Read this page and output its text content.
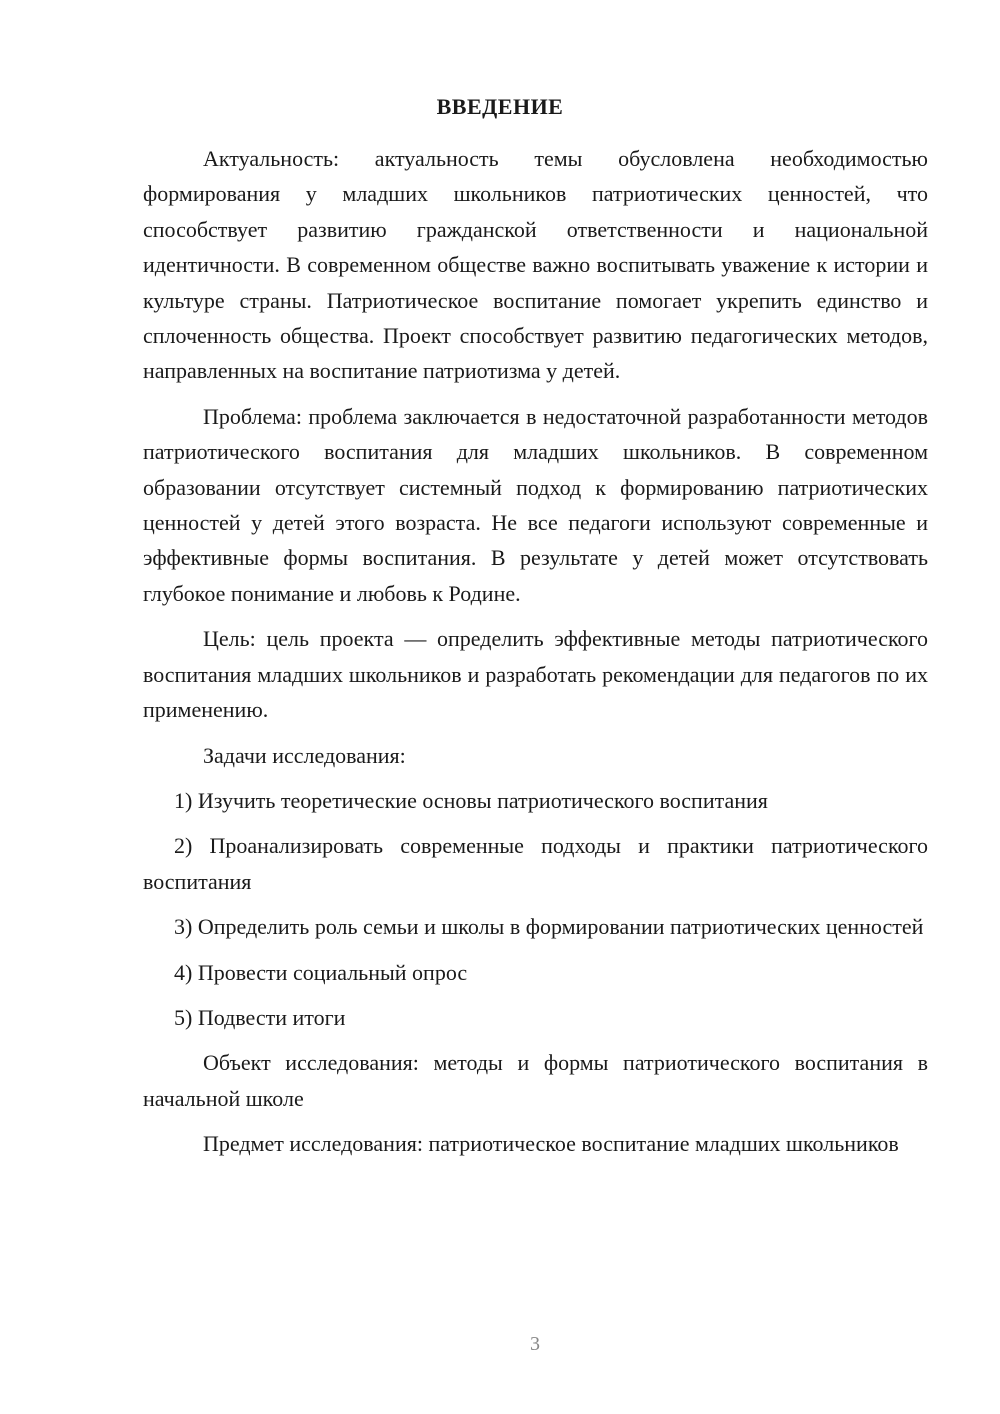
ВВЕДЕНИЕ

Актуальность: актуальность темы обусловлена необходимостью формирования у младших школьников патриотических ценностей, что способствует развитию гражданской ответственности и национальной идентичности. В современном обществе важно воспитывать уважение к истории и культуре страны. Патриотическое воспитание помогает укрепить единство и сплоченность общества. Проект способствует развитию педагогических методов, направленных на воспитание патриотизма у детей.

Проблема: проблема заключается в недостаточной разработанности методов патриотического воспитания для младших школьников. В современном образовании отсутствует системный подход к формированию патриотических ценностей у детей этого возраста. Не все педагоги используют современные и эффективные формы воспитания. В результате у детей может отсутствовать глубокое понимание и любовь к Родине.

Цель: цель проекта — определить эффективные методы патриотического воспитания младших школьников и разработать рекомендации для педагогов по их применению.

Задачи исследования:

1) Изучить теоретические основы патриотического воспитания

2) Проанализировать современные подходы и практики патриотического воспитания

3) Определить роль семьи и школы в формировании патриотических ценностей

4) Провести социальный опрос

5) Подвести итоги

Объект исследования: методы и формы патриотического воспитания в начальной школе

Предмет исследования: патриотическое воспитание младших школьников

3
